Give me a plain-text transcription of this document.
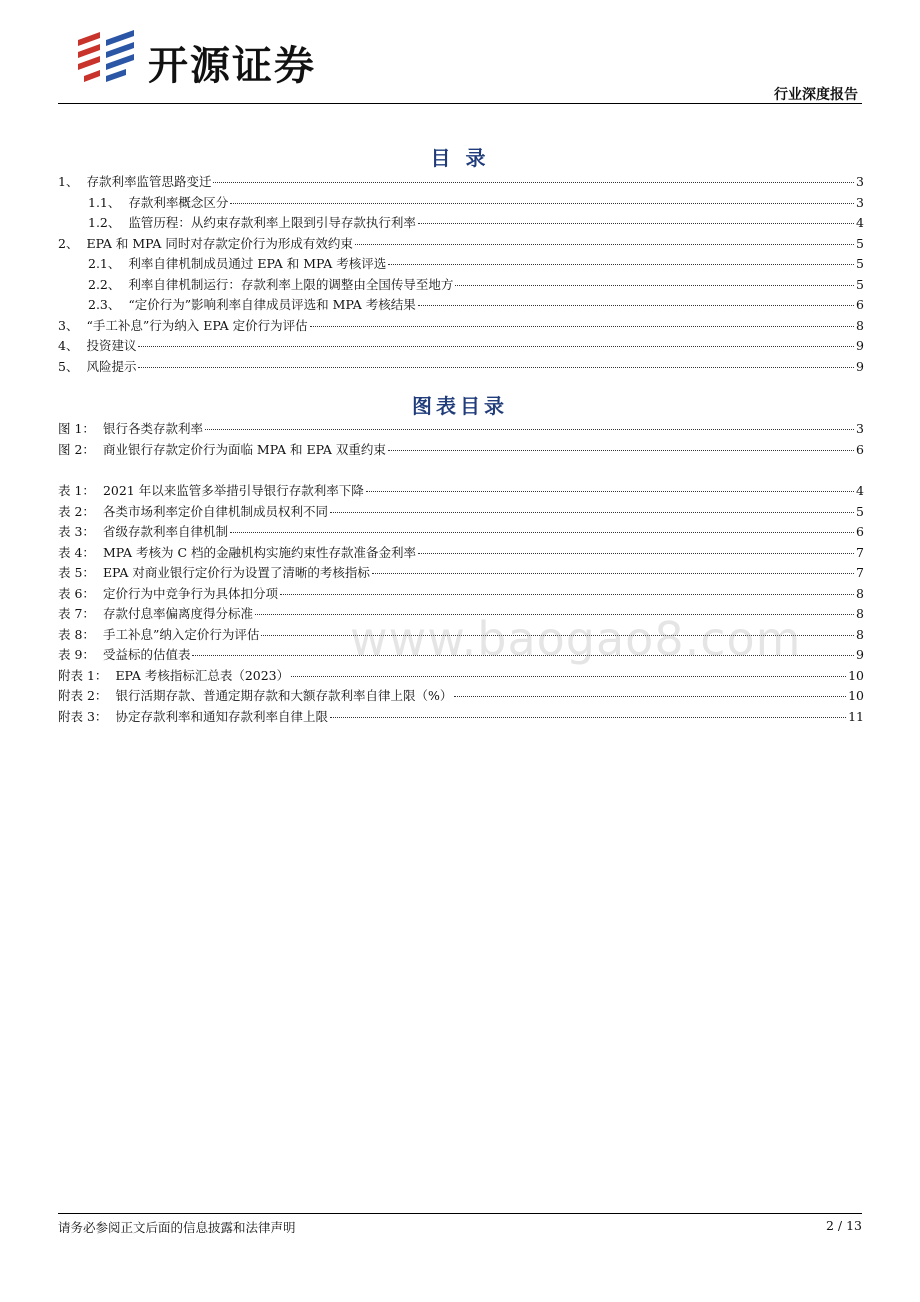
开源证券
行业深度报告
目 录
1、 存款利率监管思路变迁	3
1.1、 存款利率概念区分	3
1.2、 监管历程：从约束存款利率上限到引导存款执行利率	4
2、 EPA 和 MPA 同时对存款定价行为形成有效约束	5
2.1、 利率自律机制成员通过 EPA 和 MPA 考核评选	5
2.2、 利率自律机制运行：存款利率上限的调整由全国传导至地方	5
2.3、 “定价行为”影响利率自律成员评选和 MPA 考核结果	6
3、 “手工补息”行为纳入 EPA 定价行为评估	8
4、 投资建议	9
5、 风险提示	9
图表目录
图 1： 银行各类存款利率	3
图 2： 商业银行存款定价行为面临 MPA 和 EPA 双重约束	6
表 1： 2021 年以来监管多举措引导银行存款利率下降	4
表 2： 各类市场利率定价自律机制成员权利不同	5
表 3： 省级存款利率自律机制	6
表 4： MPA 考核为 C 档的金融机构实施约束性存款准备金利率	7
表 5： EPA 对商业银行定价行为设置了清晰的考核指标	7
表 6： 定价行为中竞争行为具体扣分项	8
表 7： 存款付息率偏离度得分标准	8
表 8： 手工补息”纳入定价行为评估	8
表 9： 受益标的估值表	9
附表 1： EPA 考核指标汇总表（2023）	10
附表 2： 银行活期存款、普通定期存款和大额存款利率自律上限（%）	10
附表 3： 协定存款利率和通知存款利率自律上限	11
www.baogao8.com
请务必参阅正文后面的信息披露和法律声明	2 / 13
